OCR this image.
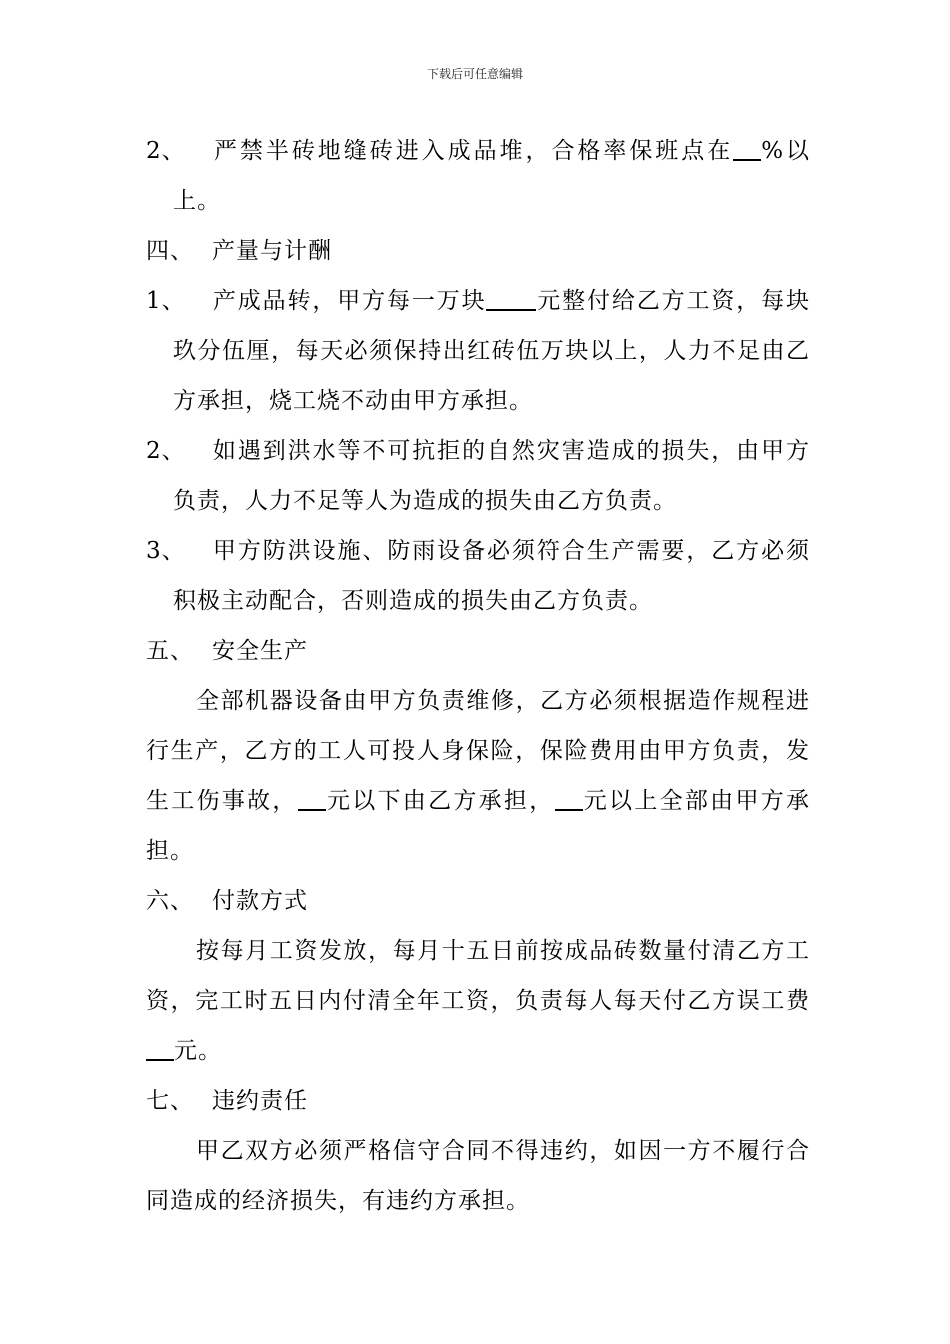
下载后可任意编辑
2、 严禁半砖地缝砖进入成品堆，合格率保班点在 %以上。
四、 产量与计酬
1、 产成品转，甲方每一万块 元整付给乙方工资，每块玖分伍厘，每天必须保持出红砖伍万块以上，人力不足由乙方承担，烧工烧不动由甲方承担。
2、 如遇到洪水等不可抗拒的自然灾害造成的损失，由甲方负责，人力不足等人为造成的损失由乙方负责。
3、 甲方防洪设施、防雨设备必须符合生产需要，乙方必须积极主动配合，否则造成的损失由乙方负责。
五、 安全生产
全部机器设备由甲方负责维修，乙方必须根据造作规程进行生产，乙方的工人可投人身保险，保险费用由甲方负责，发生工伤事故， 元以下由乙方承担， 元以上全部由甲方承担。
六、 付款方式
按每月工资发放，每月十五日前按成品砖数量付清乙方工资，完工时五日内付清全年工资，负责每人每天付乙方误工费元。
七、 违约责任
甲乙双方必须严格信守合同不得违约，如因一方不履行合同造成的经济损失，有违约方承担。
